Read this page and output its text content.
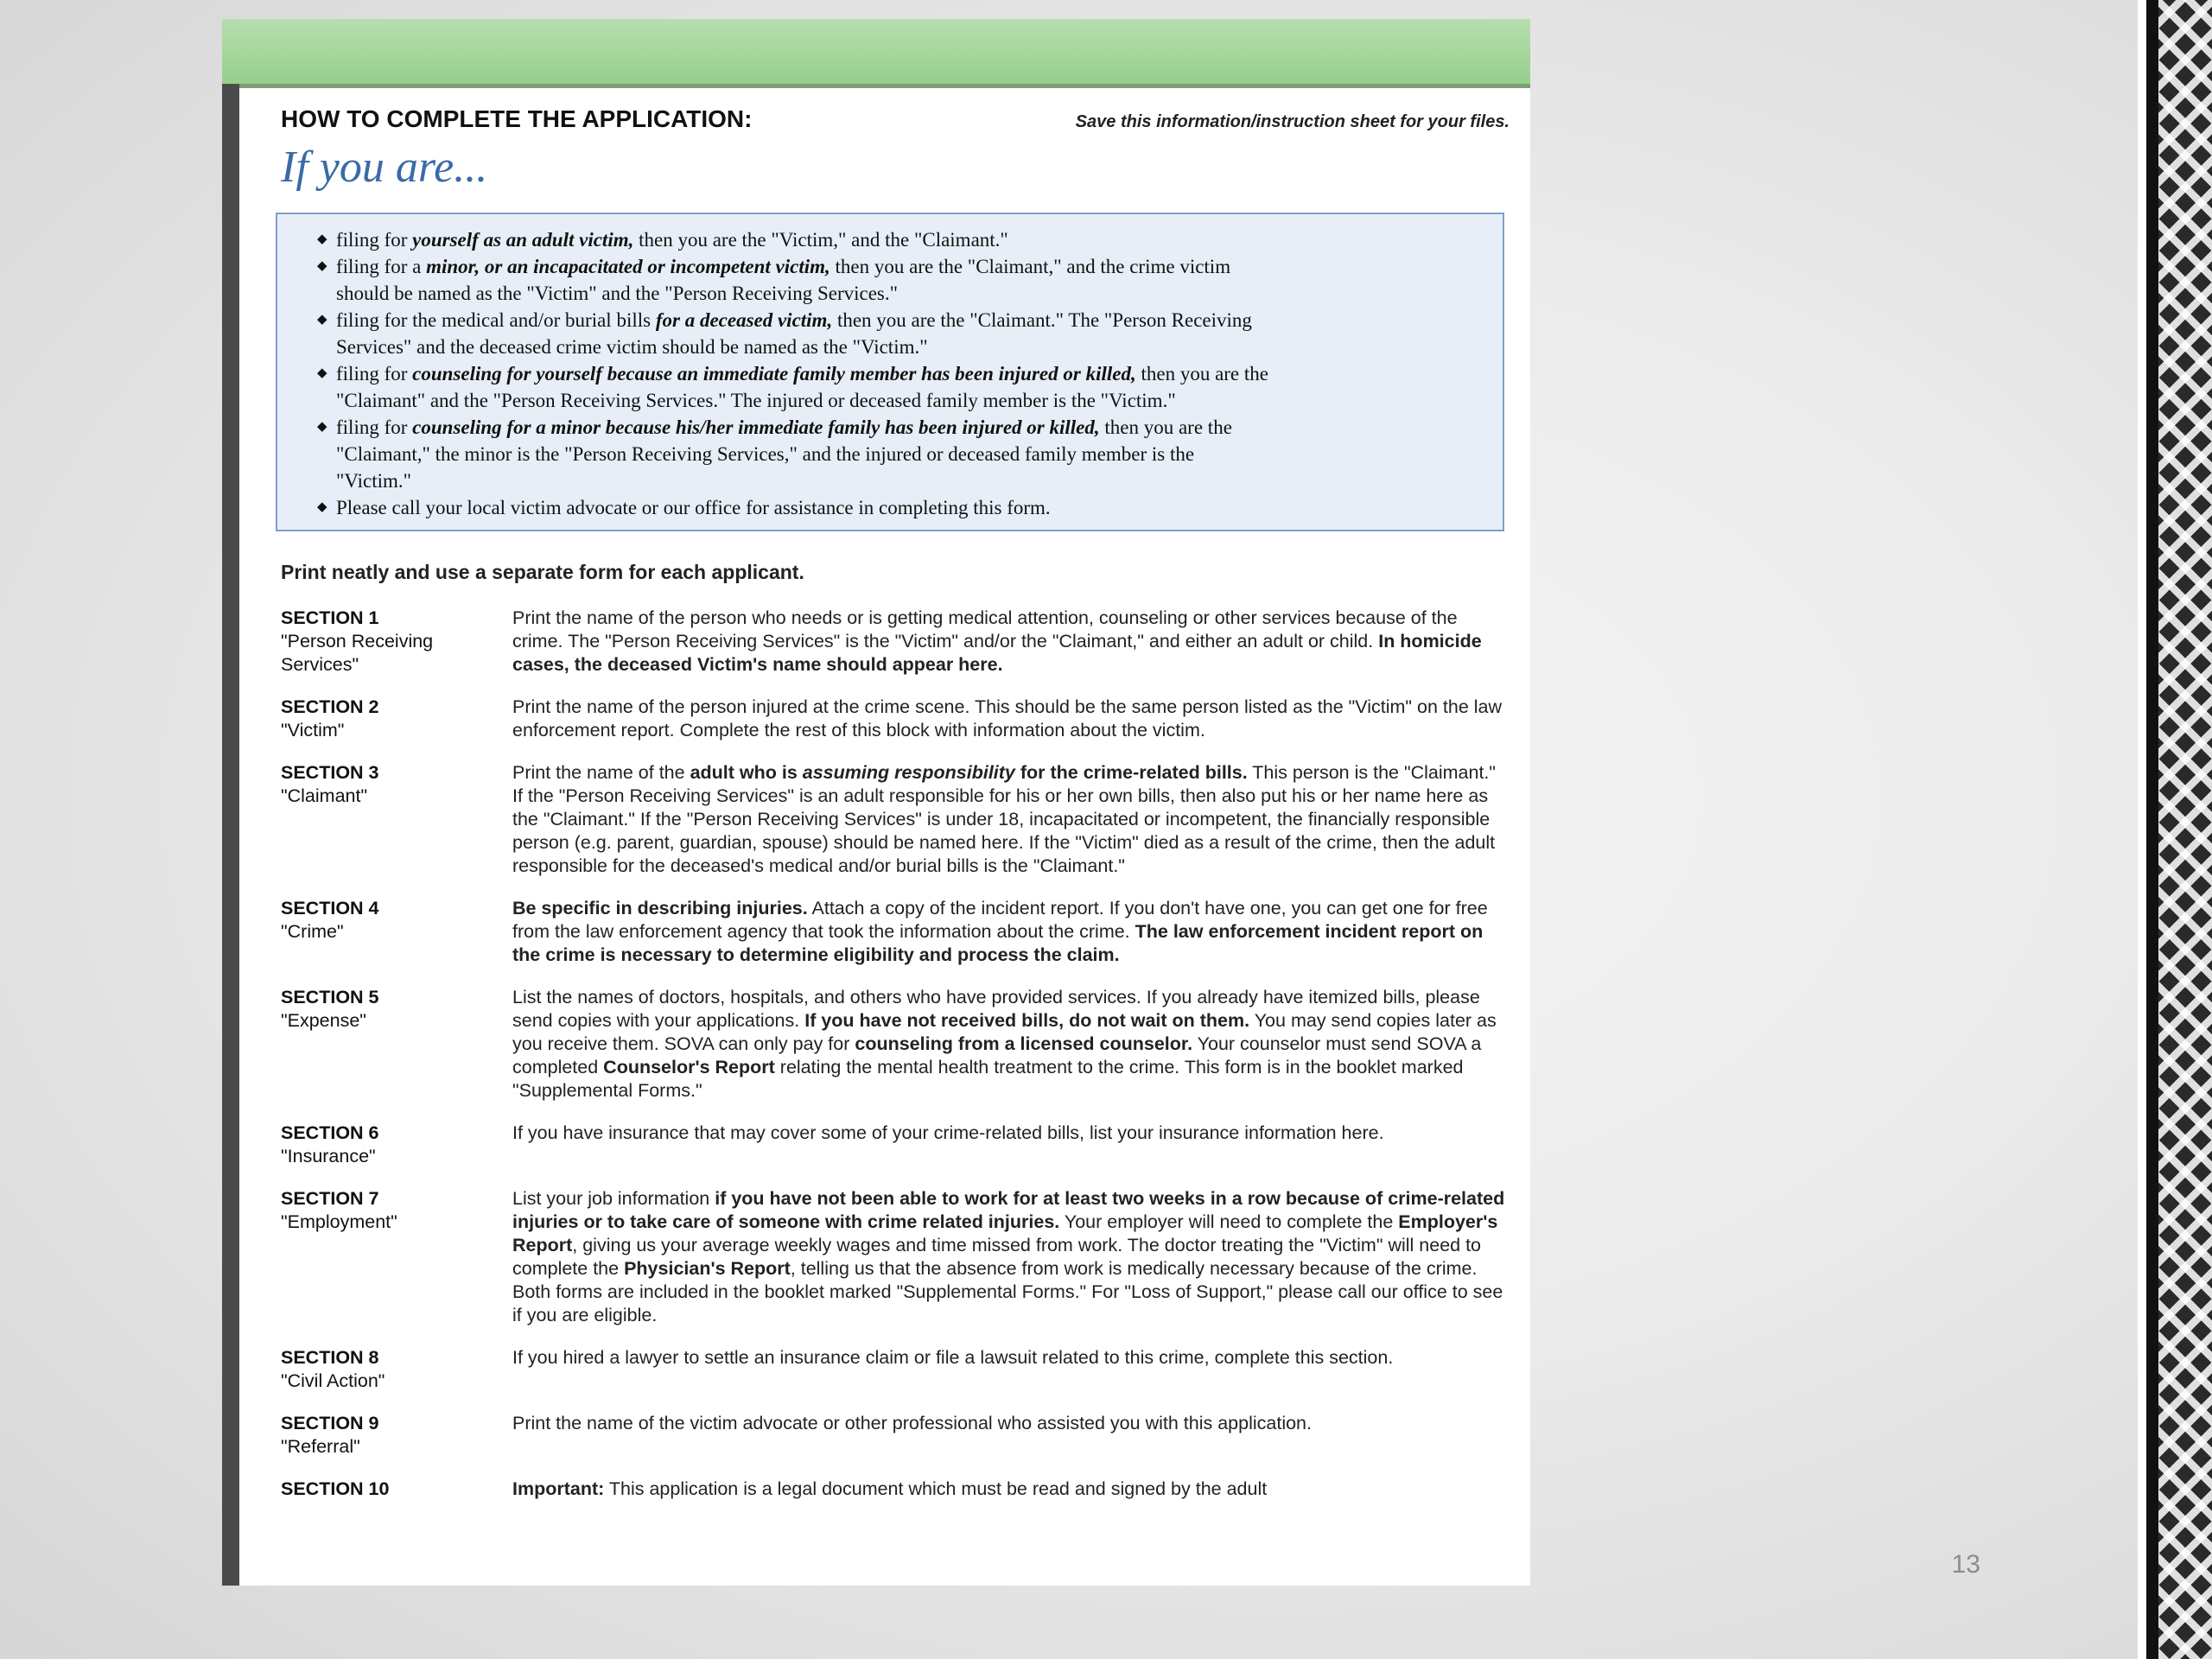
HOW TO COMPLETE THE APPLICATION:	Save this information/instruction sheet for your files.
If you are...
◆ filing for yourself as an adult victim, then you are the "Victim," and the "Claimant."
◆ filing for a minor, or an incapacitated or incompetent victim, then you are the "Claimant," and the crime victim should be named as the "Victim" and the "Person Receiving Services."
◆ filing for the medical and/or burial bills for a deceased victim, then you are the "Claimant." The "Person Receiving Services" and the deceased crime victim should be named as the "Victim."
◆ filing for counseling for yourself because an immediate family member has been injured or killed, then you are the "Claimant" and the "Person Receiving Services." The injured or deceased family member is the "Victim."
◆ filing for counseling for a minor because his/her immediate family has been injured or killed, then you are the "Claimant," the minor is the "Person Receiving Services," and the injured or deceased family member is the "Victim."
◆ Please call your local victim advocate or our office for assistance in completing this form.
Print neatly and use a separate form for each applicant.
SECTION 1
"Person Receiving Services"
Print the name of the person who needs or is getting medical attention, counseling or other services because of the crime. The "Person Receiving Services" is the "Victim" and/or the "Claimant," and either an adult or child. In homicide cases, the deceased Victim's name should appear here.
SECTION 2
"Victim"
Print the name of the person injured at the crime scene. This should be the same person listed as the "Victim" on the law enforcement report. Complete the rest of this block with information about the victim.
SECTION 3
"Claimant"
Print the name of the adult who is assuming responsibility for the crime-related bills. This person is the "Claimant." If the "Person Receiving Services" is an adult responsible for his or her own bills, then also put his or her name here as the "Claimant." If the "Person Receiving Services" is under 18, incapacitated or incompetent, the financially responsible person (e.g. parent, guardian, spouse) should be named here. If the "Victim" died as a result of the crime, then the adult responsible for the deceased's medical and/or burial bills is the "Claimant."
SECTION 4
"Crime"
Be specific in describing injuries. Attach a copy of the incident report. If you don't have one, you can get one for free from the law enforcement agency that took the information about the crime. The law enforcement incident report on the crime is necessary to determine eligibility and process the claim.
SECTION 5
"Expense"
List the names of doctors, hospitals, and others who have provided services. If you already have itemized bills, please send copies with your applications. If you have not received bills, do not wait on them. You may send copies later as you receive them. SOVA can only pay for counseling from a licensed counselor. Your counselor must send SOVA a completed Counselor's Report relating the mental health treatment to the crime. This form is in the booklet marked "Supplemental Forms."
SECTION 6
"Insurance"
If you have insurance that may cover some of your crime-related bills, list your insurance information here.
SECTION 7
"Employment"
List your job information if you have not been able to work for at least two weeks in a row because of crime-related injuries or to take care of someone with crime related injuries. Your employer will need to complete the Employer's Report, giving us your average weekly wages and time missed from work. The doctor treating the "Victim" will need to complete the Physician's Report, telling us that the absence from work is medically necessary because of the crime. Both forms are included in the booklet marked "Supplemental Forms." For "Loss of Support," please call our office to see if you are eligible.
SECTION 8
"Civil Action"
If you hired a lawyer to settle an insurance claim or file a lawsuit related to this crime, complete this section.
SECTION 9
"Referral"
Print the name of the victim advocate or other professional who assisted you with this application.
SECTION 10	Important: This application is a legal document which must be read and signed by the adult
13
